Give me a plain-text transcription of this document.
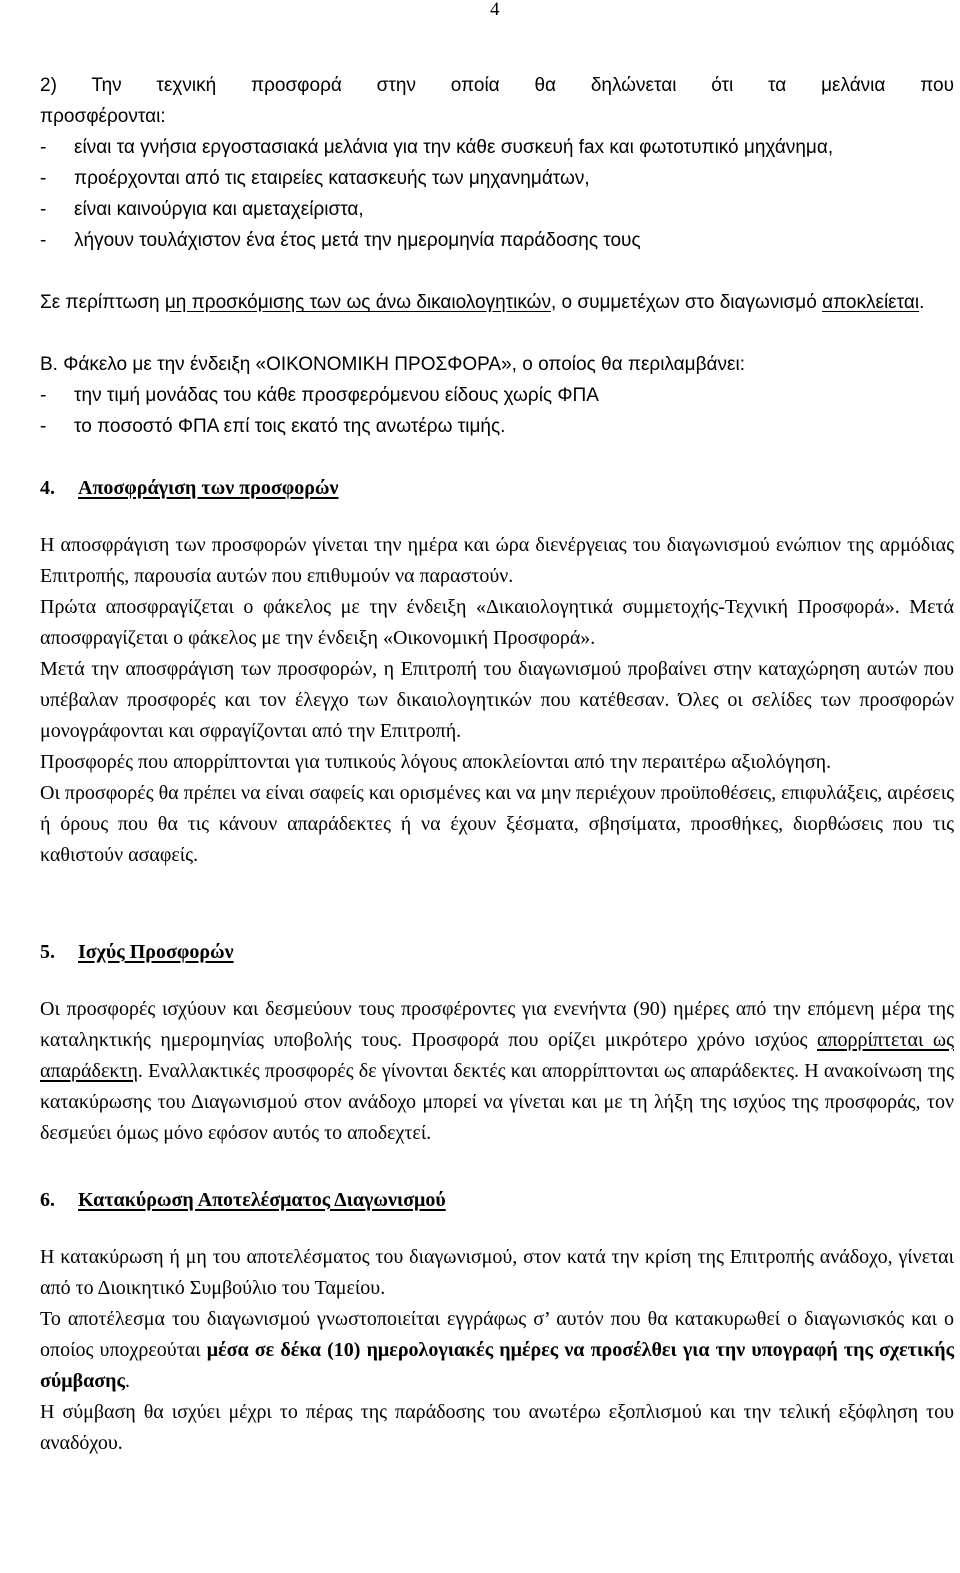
4

2) Την τεχνική προσφορά στην οποία θα δηλώνεται ότι τα μελάνια που

προσφέρονται:

-	είναι τα γνήσια εργοστασιακά μελάνια για την κάθε συσκευή fax και φωτοτυπικό μηχάνημα,
-	προέρχονται από τις εταιρείες κατασκευής των μηχανημάτων,
-	είναι καινούργια και αμεταχείριστα,
-	λήγουν τουλάχιστον ένα έτος μετά την ημερομηνία παράδοσης τους

Σε περίπτωση μη προσκόμισης των ως άνω δικαιολογητικών, ο συμμετέχων στο διαγωνισμό αποκλείεται.

Β. Φάκελο με την ένδειξη «ΟΙΚΟΝΟΜΙΚΗ ΠΡΟΣΦΟΡΑ», ο οποίος θα περιλαμβάνει:

-	την τιμή μονάδας του κάθε προσφερόμενου είδους χωρίς ΦΠΑ
-	το ποσοστό ΦΠΑ επί τοις εκατό της ανωτέρω τιμής.
4.	Αποσφράγιση των προσφορών

Η αποσφράγιση των προσφορών γίνεται την ημέρα και ώρα διενέργειας του διαγωνισμού ενώπιον της αρμόδιας Επιτροπής, παρουσία αυτών που επιθυμούν να παραστούν.

Πρώτα αποσφραγίζεται ο φάκελος με την ένδειξη «Δικαιολογητικά συμμετοχής-Τεχνική Προσφορά». Μετά αποσφραγίζεται ο φάκελος με την ένδειξη «Οικονομική Προσφορά».

Μετά την αποσφράγιση των προσφορών, η Επιτροπή του διαγωνισμού προβαίνει στην καταχώρηση αυτών που υπέβαλαν προσφορές και τον έλεγχο των δικαιολογητικών που κατέθεσαν. Όλες οι σελίδες των προσφορών μονογράφονται και σφραγίζονται από την Επιτροπή.

Προσφορές που απορρίπτονται για τυπικούς λόγους αποκλείονται από την περαιτέρω αξιολόγηση.

Οι προσφορές θα πρέπει να είναι σαφείς και ορισμένες και να μην περιέχουν προϋποθέσεις, επιφυλάξεις, αιρέσεις ή όρους που θα τις κάνουν απαράδεκτες ή να έχουν ξέσματα, σβησίματα, προσθήκες, διορθώσεις που τις καθιστούν ασαφείς.

5.	Ισχύς Προσφορών

Οι προσφορές ισχύουν και δεσμεύουν τους προσφέροντες για ενενήντα (90) ημέρες από την επόμενη μέρα της καταληκτικής ημερομηνίας υποβολής τους. Προσφορά που ορίζει μικρότερο χρόνο ισχύος απορρίπτεται ως απαράδεκτη. Εναλλακτικές προσφορές δε γίνονται δεκτές και απορρίπτονται ως απαράδεκτες. Η ανακοίνωση της κατακύρωσης του Διαγωνισμού στον ανάδοχο μπορεί να γίνεται και με τη λήξη της ισχύος της προσφοράς, τον δεσμεύει όμως μόνο εφόσον αυτός το αποδεχτεί.

6.	Κατακύρωση Αποτελέσματος Διαγωνισμού

Η κατακύρωση ή μη του αποτελέσματος του διαγωνισμού, στον κατά την κρίση της Επιτροπής ανάδοχο, γίνεται από το Διοικητικό Συμβούλιο του Ταμείου.

Το αποτέλεσμα του διαγωνισμού γνωστοποιείται εγγράφως σ’ αυτόν που θα κατακυρωθεί ο διαγωνισκός και ο οποίος υποχρεούται μέσα σε δέκα (10) ημερολογιακές ημέρες να προσέλθει για την υπογραφή της σχετικής σύμβασης.

Η σύμβαση θα ισχύει μέχρι το πέρας της παράδοσης του ανωτέρω εξοπλισμού και την τελική εξόφληση του αναδόχου.
